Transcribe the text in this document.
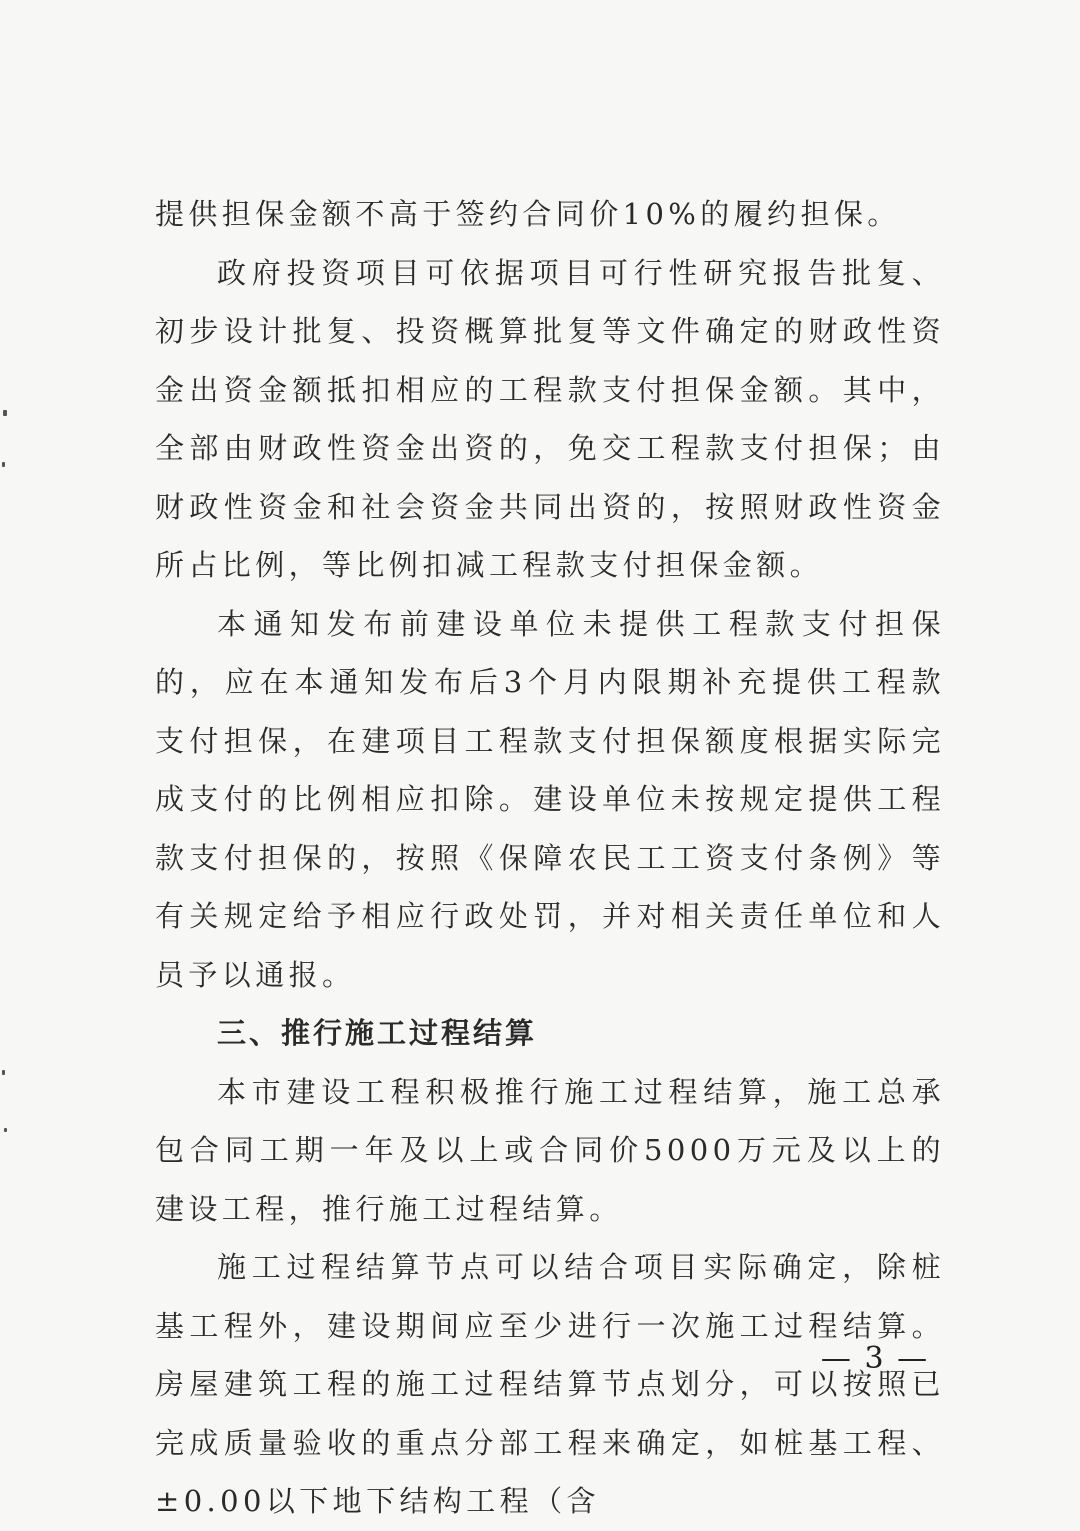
提供担保金额不高于签约合同价10%的履约担保。

政府投资项目可依据项目可行性研究报告批复、初步设计批复、投资概算批复等文件确定的财政性资金出资金额抵扣相应的工程款支付担保金额。其中，全部由财政性资金出资的，免交工程款支付担保；由财政性资金和社会资金共同出资的，按照财政性资金所占比例，等比例扣减工程款支付担保金额。

本通知发布前建设单位未提供工程款支付担保的，应在本通知发布后3个月内限期补充提供工程款支付担保，在建项目工程款支付担保额度根据实际完成支付的比例相应扣除。建设单位未按规定提供工程款支付担保的，按照《保障农民工工资支付条例》等有关规定给予相应行政处罚，并对相关责任单位和人员予以通报。

三、推行施工过程结算

本市建设工程积极推行施工过程结算，施工总承包合同工期一年及以上或合同价5000万元及以上的建设工程，推行施工过程结算。

施工过程结算节点可以结合项目实际确定，除桩基工程外，建设期间应至少进行一次施工过程结算。房屋建筑工程的施工过程结算节点划分，可以按照已完成质量验收的重点分部工程来确定，如桩基工程、±0.00以下地下结构工程（含

— 3 —
